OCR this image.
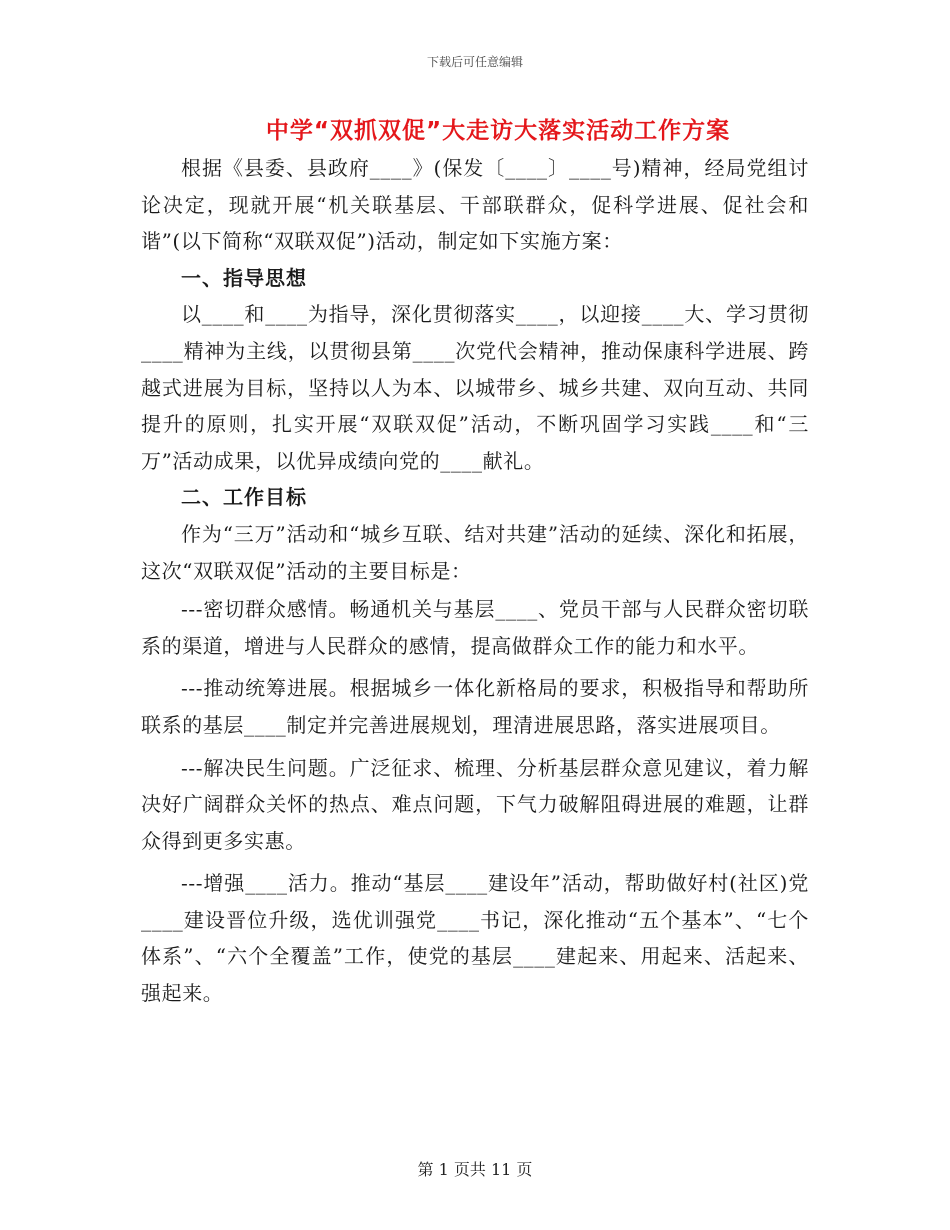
下载后可任意编辑
中学“双抓双促”大走访大落实活动工作方案

根据《县委、县政府____》(保发〔____〕____号)精神，经局党组讨论决定，现就开展“机关联基层、干部联群众，促科学进展、促社会和谐”(以下简称“双联双促”)活动，制定如下实施方案：

一、指导思想

以____和____为指导，深化贯彻落实____，以迎接____大、学习贯彻____精神为主线，以贯彻县第____次党代会精神，推动保康科学进展、跨越式进展为目标，坚持以人为本、以城带乡、城乡共建、双向互动、共同提升的原则，扎实开展“双联双促”活动，不断巩固学习实践____和“三万”活动成果，以优异成绩向党的____献礼。

二、工作目标

作为“三万”活动和“城乡互联、结对共建”活动的延续、深化和拓展，这次“双联双促”活动的主要目标是：

---密切群众感情。畅通机关与基层____、党员干部与人民群众密切联系的渠道，增进与人民群众的感情，提高做群众工作的能力和水平。

---推动统筹进展。根据城乡一体化新格局的要求，积极指导和帮助所联系的基层____制定并完善进展规划，理清进展思路，落实进展项目。

---解决民生问题。广泛征求、梳理、分析基层群众意见建议，着力解决好广阔群众关怀的热点、难点问题，下气力破解阻碍进展的难题，让群众得到更多实惠。

---增强____活力。推动“基层____建设年”活动，帮助做好村(社区)党____建设晋位升级，选优训强党____书记，深化推动“五个基本”、“七个体系”、“六个全覆盖”工作，使党的基层____建起来、用起来、活起来、强起来。

第 1 页共 11 页
